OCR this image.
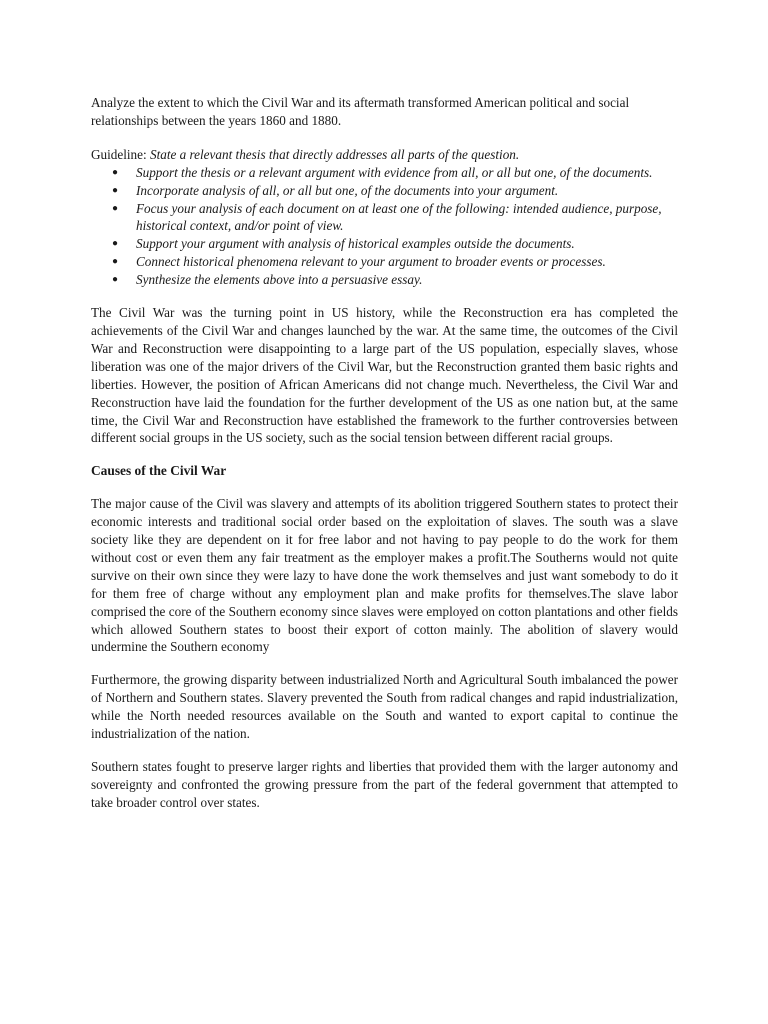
Analyze the extent to which the Civil War and its aftermath transformed American political and social relationships between the years 1860 and 1880.

Guideline: State a relevant thesis that directly addresses all parts of the question.

● Support the thesis or a relevant argument with evidence from all, or all but one, of the documents.
● Incorporate analysis of all, or all but one, of the documents into your argument.
● Focus your analysis of each document on at least one of the following: intended audience, purpose, historical context, and/or point of view.
● Support your argument with analysis of historical examples outside the documents.
● Connect historical phenomena relevant to your argument to broader events or processes.
● Synthesize the elements above into a persuasive essay.

The Civil War was the turning point in US history, while the Reconstruction era has completed the achievements of the Civil War and changes launched by the war. At the same time, the outcomes of the Civil War and Reconstruction were disappointing to a large part of the US population, especially slaves, whose liberation was one of the major drivers of the Civil War, but the Reconstruction granted them basic rights and liberties. However, the position of African Americans did not change much. Nevertheless, the Civil War and Reconstruction have laid the foundation for the further development of the US as one nation but, at the same time, the Civil War and Reconstruction have established the framework to the further controversies between different social groups in the US society, such as the social tension between different racial groups.

Causes of the Civil War

The major cause of the Civil was slavery and attempts of its abolition triggered Southern states to protect their economic interests and traditional social order based on the exploitation of slaves. The south was a slave society like they are dependent on it for free labor and not having to pay people to do the work for them without cost or even them any fair treatment as the employer makes a profit.The Southerns would not quite survive on their own since they were lazy to have done the work themselves and just want somebody to do it for them free of charge without any employment plan and make profits for themselves.The slave labor comprised the core of the Southern economy since slaves were employed on cotton plantations and other fields which allowed Southern states to boost their export of cotton mainly. The abolition of slavery would undermine the Southern economy

Furthermore, the growing disparity between industrialized North and Agricultural South imbalanced the power of Northern and Southern states. Slavery prevented the South from radical changes and rapid industrialization, while the North needed resources available on the South and wanted to export capital to continue the industrialization of the nation.

Southern states fought to preserve larger rights and liberties that provided them with the larger autonomy and sovereignty and confronted the growing pressure from the part of the federal government that attempted to take broader control over states.
